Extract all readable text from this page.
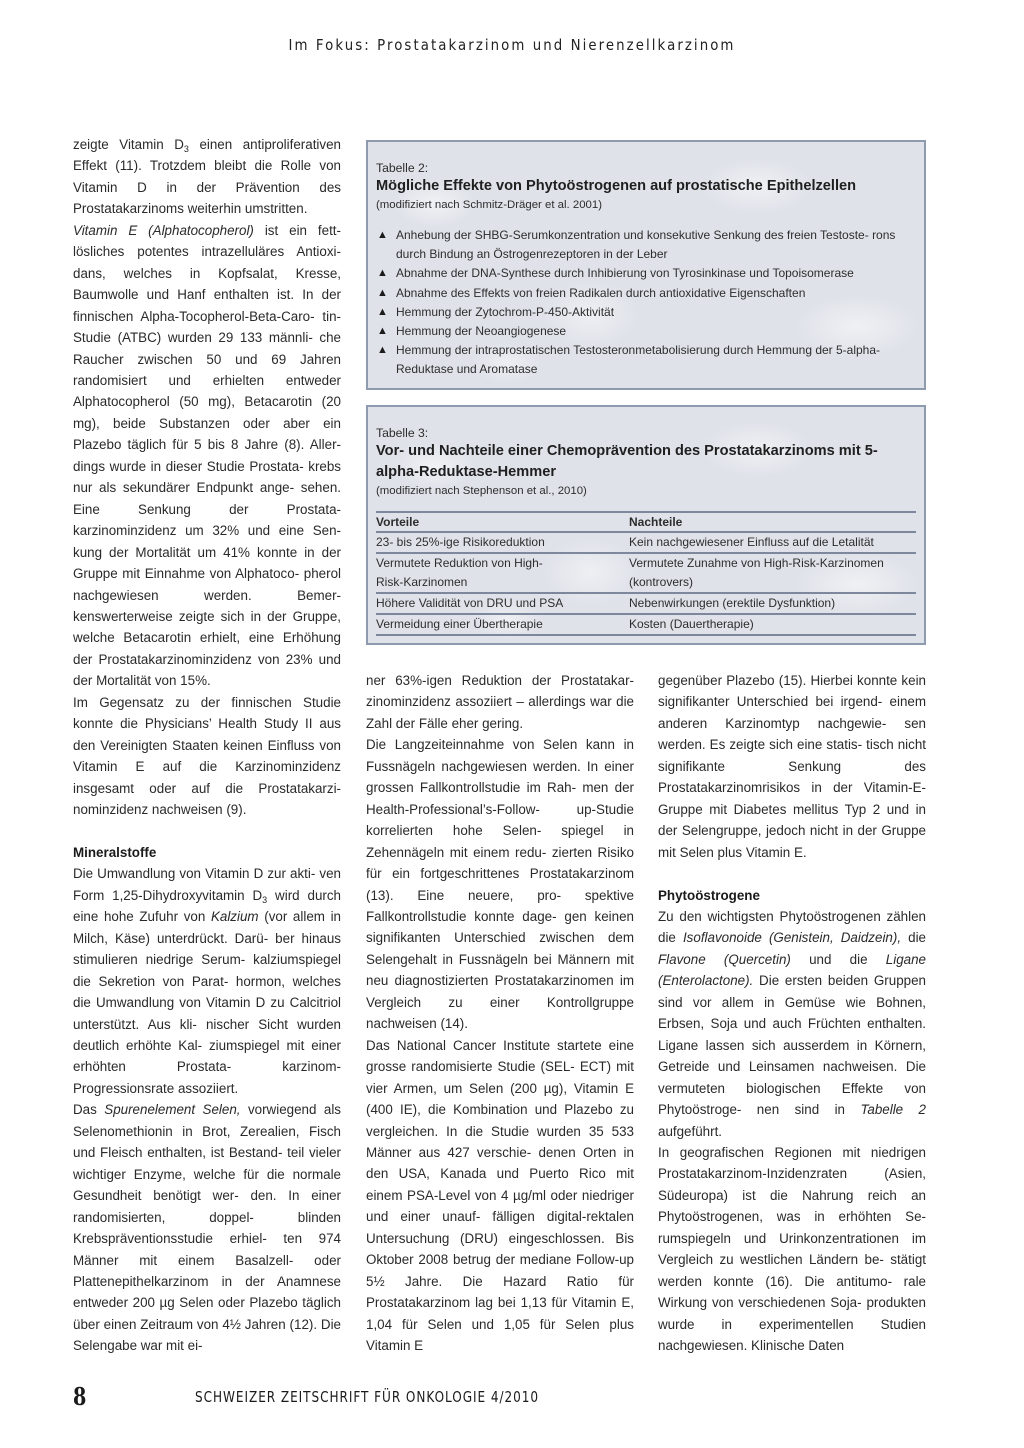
Im Fokus: Prostatakarzinom und Nierenzellkarzinom

zeigte Vitamin $D_3$ einen antiproliferativen Effekt (11). Trotzdem bleibt die Rolle von Vitamin D in der Prävention des Prostatakarzinoms weiterhin umstritten.

Vitamin E (Alphatocopherol) ist ein fett- lösliches potentes intrazelluläres Antioxi- dans, welches in Kopfsalat, Kresse, Baumwolle und Hanf enthalten ist. In der finnischen Alpha-Tocopherol-Beta-Caro- tin-Studie (ATBC) wurden 29 133 männli- che Raucher zwischen 50 und 69 Jahren randomisiert und erhielten entweder Alphatocopherol (50 mg), Betacarotin (20 mg), beide Substanzen oder aber ein Plazebo täglich für 5 bis 8 Jahre (8). Aller- dings wurde in dieser Studie Prostata- krebs nur als sekundärer Endpunkt ange- sehen. Eine Senkung der Prostata- karzinominzidenz um 32% und eine Sen- kung der Mortalität um 41% konnte in der Gruppe mit Einnahme von Alphatoco- pherol nachgewiesen werden. Bemer- kenswerterweise zeigte sich in der Gruppe, welche Betacarotin erhielt, eine Erhöhung der Prostatakarzinominzidenz von 23% und der Mortalität von 15%.

Im Gegensatz zu der finnischen Studie konnte die Physicians’ Health Study II aus den Vereinigten Staaten keinen Einfluss von Vitamin E auf die Karzinominzidenz insgesamt oder auf die Prostatakarzi- nominzidenz nachweisen (9).

Mineralstoffe

Die Umwandlung von Vitamin D zur akti- ven Form 1,25-Dihydroxyvitamin $D_3$ wird durch eine hohe Zufuhr von Kalzium (vor allem in Milch, Käse) unterdrückt. Darü- ber hinaus stimulieren niedrige Serum- kalziumspiegel die Sekretion von Parat- hormon, welches die Umwandlung von Vitamin D zu Calcitriol unterstützt. Aus kli- nischer Sicht wurden deutlich erhöhte Kal- ziumspiegel mit einer erhöhten Prostata- karzinom-Progressionsrate assoziiert.

Das Spurenelement Selen, vorwiegend als Selenomethionin in Brot, Zerealien, Fisch und Fleisch enthalten, ist Bestand- teil vieler wichtiger Enzyme, welche für die normale Gesundheit benötigt wer- den. In einer randomisierten, doppel- blinden Krebspräventionsstudie erhiel- ten 974 Männer mit einem Basalzell- oder Plattenepithelkarzinom in der Anamnese entweder 200 µg Selen oder Plazebo täglich über einen Zeitraum von 4½ Jahren (12). Die Selengabe war mit ei-

Tabelle 2:
Mögliche Effekte von Phytoöstrogenen auf prostatische Epithelzellen
(modifiziert nach Schmitz-Dräger et al. 2001)
▲ Anhebung der SHBG-Serumkonzentration und konsekutive Senkung des freien Testoste- rons durch Bindung an Östrogenrezeptoren in der Leber
▲ Abnahme der DNA-Synthese durch Inhibierung von Tyrosinkinase und Topoisomerase
▲ Abnahme des Effekts von freien Radikalen durch antioxidative Eigenschaften
▲ Hemmung der Zytochrom-P-450-Aktivität
▲ Hemmung der Neoangiogenese
▲ Hemmung der intraprostatischen Testosteronmetabolisierung durch Hemmung der 5-alpha- Reduktase und Aromatase
Tabelle 3:
Vor- und Nachteile einer Chemoprävention des Prostatakarzinoms mit 5-alpha-Reduktase-Hemmer
(modifiziert nach Stephenson et al., 2010)
Vorteile	Nachteile
23- bis 25%-ige Risikoreduktion	Kein nachgewiesener Einfluss auf die Letalität
Vermutete Reduktion von High-Risk-Karzinomen	Vermutete Zunahme von High-Risk-Karzinomen (kontrovers)
Höhere Validität von DRU und PSA	Nebenwirkungen (erektile Dysfunktion)
Vermeidung einer Übertherapie	Kosten (Dauertherapie)

ner 63%-igen Reduktion der Prostatakar- zinominzidenz assoziiert – allerdings war die Zahl der Fälle eher gering.

Die Langzeiteinnahme von Selen kann in Fussnägeln nachgewiesen werden. In einer grossen Fallkontrollstudie im Rah- men der Health-Professional’s-Follow- up-Studie korrelierten hohe Selen- spiegel in Zehennägeln mit einem redu- zierten Risiko für ein fortgeschrittenes Prostatakarzinom (13). Eine neuere, pro- spektive Fallkontrollstudie konnte dage- gen keinen signifikanten Unterschied zwischen dem Selengehalt in Fussnägeln bei Männern mit neu diagnostizierten Prostatakarzinomen im Vergleich zu einer Kontrollgruppe nachweisen (14).

Das National Cancer Institute startete eine grosse randomisierte Studie (SEL- ECT) mit vier Armen, um Selen (200 µg), Vitamin E (400 IE), die Kombination und Plazebo zu vergleichen. In die Studie wurden 35 533 Männer aus 427 verschie- denen Orten in den USA, Kanada und Puerto Rico mit einem PSA-Level von 4 µg/ml oder niedriger und einer unauf- fälligen digital-rektalen Untersuchung (DRU) eingeschlossen. Bis Oktober 2008 betrug der mediane Follow-up 5½ Jahre. Die Hazard Ratio für Prostatakarzinom lag bei 1,13 für Vitamin E, 1,04 für Selen und 1,05 für Selen plus Vitamin E

gegenüber Plazebo (15). Hierbei konnte kein signifikanter Unterschied bei irgend- einem anderen Karzinomtyp nachgewie- sen werden. Es zeigte sich eine statis- tisch nicht signifikante Senkung des Prostatakarzinomrisikos in der Vitamin-E- Gruppe mit Diabetes mellitus Typ 2 und in der Selengruppe, jedoch nicht in der Gruppe mit Selen plus Vitamin E.

Phytoöstrogene

Zu den wichtigsten Phytoöstrogenen zählen die Isoflavonoide (Genistein, Daidzein), die Flavone (Quercetin) und die Ligane (Enterolactone). Die ersten beiden Gruppen sind vor allem in Gemüse wie Bohnen, Erbsen, Soja und auch Früchten enthalten. Ligane lassen sich ausserdem in Körnern, Getreide und Leinsamen nachweisen. Die vermuteten biologischen Effekte von Phytoöstroge- nen sind in Tabelle 2 aufgeführt.

In geografischen Regionen mit niedrigen Prostatakarzinom-Inzidenzraten (Asien, Südeuropa) ist die Nahrung reich an Phytoöstrogenen, was in erhöhten Se- rumspiegeln und Urinkonzentrationen im Vergleich zu westlichen Ländern be- stätigt werden konnte (16). Die antitumo- rale Wirkung von verschiedenen Soja- produkten wurde in experimentellen Studien nachgewiesen. Klinische Daten

8	SCHWEIZER ZEITSCHRIFT FÜR ONKOLOGIE 4/2010
